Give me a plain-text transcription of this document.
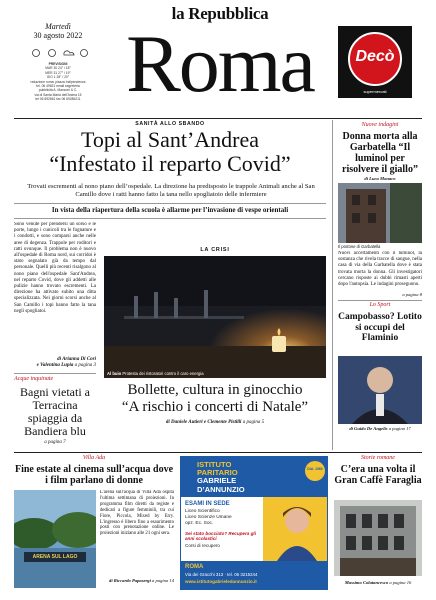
la Repubblica
Martedì
30 agosto 2022
PREVISIONI
MAR 30 24° / 18°
MER 31 27° / 19°
GIO 1 28° / 20°
redazione roma: piazza Indipendenza
tel. 06 49821 email segreteria
pubblicità A. Manzoni & C.
via di Santa Maria dell'Anima 15
tel 06 692861 fax 06 69286211 Roma	Decò
supermercati
SANITÀ ALLO SBANDO
Topi al Sant’Andrea
“Infestato il reparto Covid”
Trovati escrementi al nono piano dell’ospedale. La direzione ha predisposto le trappole Animali anche al San Camillo dove i ratti hanno fatto la tana nello spogliatoio delle infermiere
In vista della riapertura della scuola è allarme per l’invasione di vespe orientali
Sono venute per prendersi un sorso e le porte, lungo i cunicoli tra le fognature e i condotti, e sono comparsi anche nelle aree di degenza. Trappole per roditori e ratti ovunque. Il problema non è nuovo all'ospedale di Roma nord, sui corridoi è stato segnalato già da tempo dal personale. Quelli più recenti risalgono al nono piano dell'ospedale Sant'Andrea, nel reparto Covid, dove gli addetti alle pulizie hanno trovato escrementi. La direzione ha attivato subito una ditta specializzata. Nei giorni scorsi anche al San Camillo i topi hanno fatto la tana negli spogliatoi.
di Arianna Di Cori
e Valentina Lupia a pagina 3
Acque inquinate
Bagni vietati a Terracina spiaggia da Bandiera blu
a pagina 7
LA CRISI
Al buio Protesta dei ristoratori contro il caro energia
Bollette, cultura in ginocchio
“A rischio i concerti di Natale”
di Daniele Autieri e Clemente Pistilli a pagina 5
Nuove indagini
Donna morta alla Garbatella “Il luminol per risolvere il giallo”
di Luca Monaco
Il portone di Garbatella
Nuovi accertamenti con il luminol, la sostanza che rivela tracce di sangue, nella casa di via della Garbatella dove è stata trovata morta la donna. Gli investigatori cercano risposte ai dubbi rimasti aperti dopo l'autopsia. Le indagini proseguono.
a pagina 8
Lo Sport
Campobasso? Lotito si occupi del Flaminio
di Guido De Angelis a pagina 17
Villa Ada
Fine estate al cinema sull’acqua dove i film parlano di donne
ARENA SUL LAGO
L'arena sull'acqua di Villa Ada ospita l'ultima settimana di proiezioni. In programma film diretti da registe e dedicati a figure femminili, tra cui Fiore, Piccola, Mixed by Erry. L'ingresso è libero fino a esaurimento posti con prenotazione online. Le proiezioni iniziano alle 21 ogni sera.
di Riccardo Papasergi a pagina 14
ISTITUTO
PARITARIO
GABRIELE
D’ANNUNZIO
DAL 1960
ESAMI IN SEDE
Liceo Scientifico
Liceo Scienze Umane
opz. Ec. Soc.
Sei stato bocciato? Recupera gli anni scolastici
Corsi di recupero
ROMA
Via dei Gracchi 313 · tel. 06 3215244
www.istitutogabrieledannunzio.it
Storie romane
C’era una volta il Gran Caffè Faraglia
Massimo Colatancesco a pagina 16
